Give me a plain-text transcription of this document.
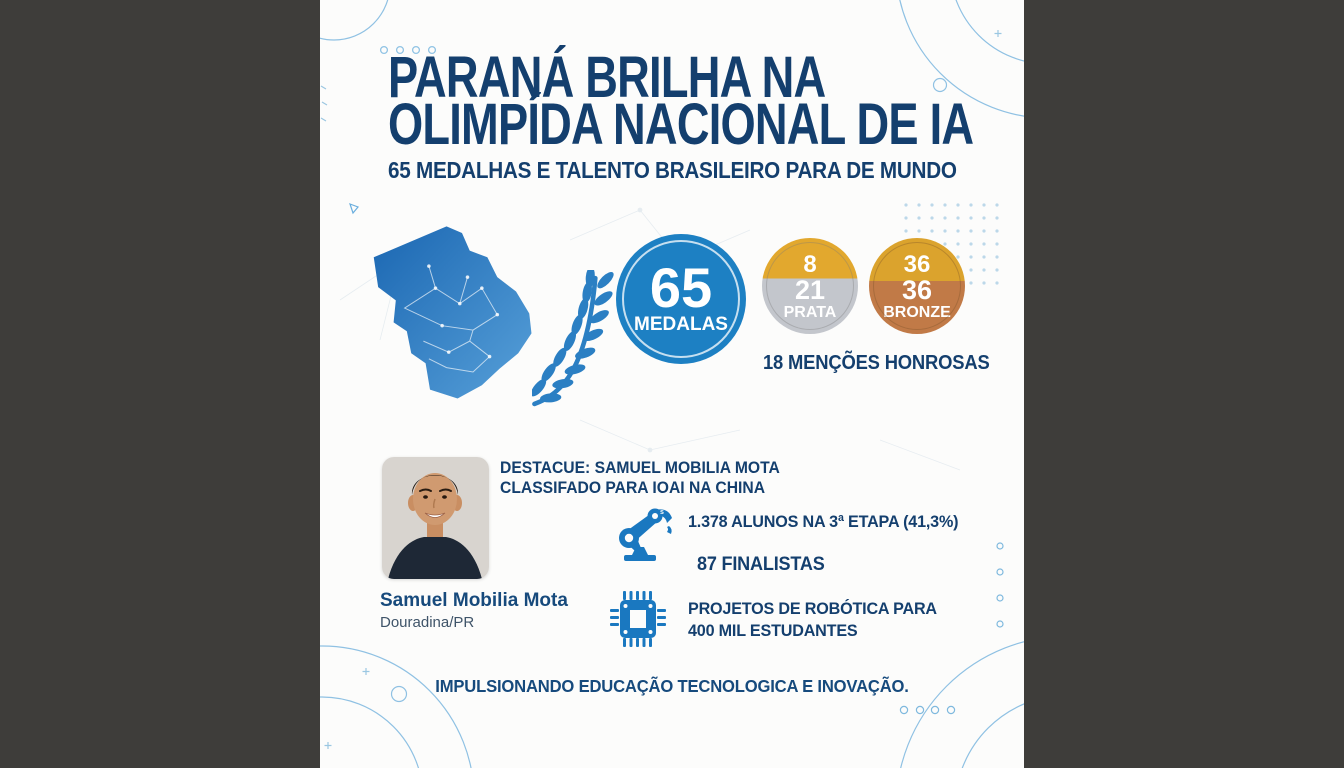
PARANÁ BRILHA NA
OLIMPÍDA NACIONAL DE IA
65 MEDALHAS E TALENTO BRASILEIRO PARA DE MUNDO
65
MEDALAS
8
21
PRATA
36
36
BRONZE
18 MENÇÕES HONROSAS
DESTACUE: SAMUEL MOBILIA MOTA
CLASSIFADO PARA IOAI NA CHINA
Samuel Mobilia Mota
Douradina/PR
s 1.378 ALUNOS NA 3ª ETAPA (41,3%)
87 FINALISTAS
PROJETOS DE ROBÓTICA PARA
400 MIL ESTUDANTES
IMPULSIONANDO EDUCAÇÃO TECNOLOGICA E INOVAÇÃO.
